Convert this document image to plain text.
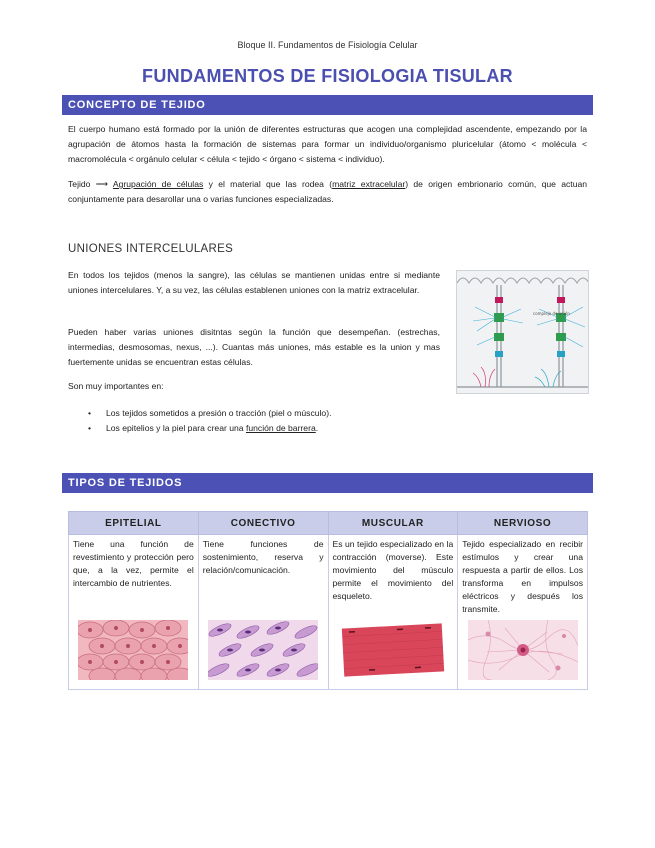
Bloque II. Fundamentos de Fisiología Celular
FUNDAMENTOS DE FISIOLOGIA TISULAR
CONCEPTO DE TEJIDO
El cuerpo humano está formado por la unión de diferentes estructuras que acogen una complejidad ascendente, empezando por la agrupación de átomos hasta la formación de sistemas para formar un individuo/organismo pluricelular (átomo < molécula < macromolécula < orgánulo celular < célula < tejido < órgano < sistema < individuo).
Tejido ⟶ Agrupación de células y el material que las rodea (matriz extracelular) de origen embrionario común, que actuan conjuntamente para desarollar una o varias funciones especializadas.
UNIONES INTERCELULARES
En todos los tejidos (menos la sangre), las células se mantienen unidas entre si mediante uniones intercelulares. Y, a su vez, las células establenen uniones con la matriz extracelular.
Pueden haber varias uniones disitntas según la función que desempeñan. (estrechas, intermedias, desmosomas, nexus, ...). Cuantas más uniones, más estable es la union y mas fuertemente unidas se encuentran estas células.
Son muy importantes en:
• Los tejidos sometidos a presión o tracción (piel o músculo).
• Los epitelios y la piel para crear una función de barrera.
complejo de unión
TIPOS DE TEJIDOS
EPITELIAL	CONECTIVO	MUSCULAR	NERVIOSO

Tiene una función de revestimiento y protección pero que, a la vez, permite el intercambio de nutrientes.	Tiene funciones de sostenimiento, reserva y relación/comunicación.	Es un tejido especializado en la contracción (moverse). Este movimiento del músculo permite el movimiento del esqueleto.	Tejido especializado en recibir estímulos y crear una respuesta a partir de ellos. Los transforma en impulsos eléctricos y después los transmite.
